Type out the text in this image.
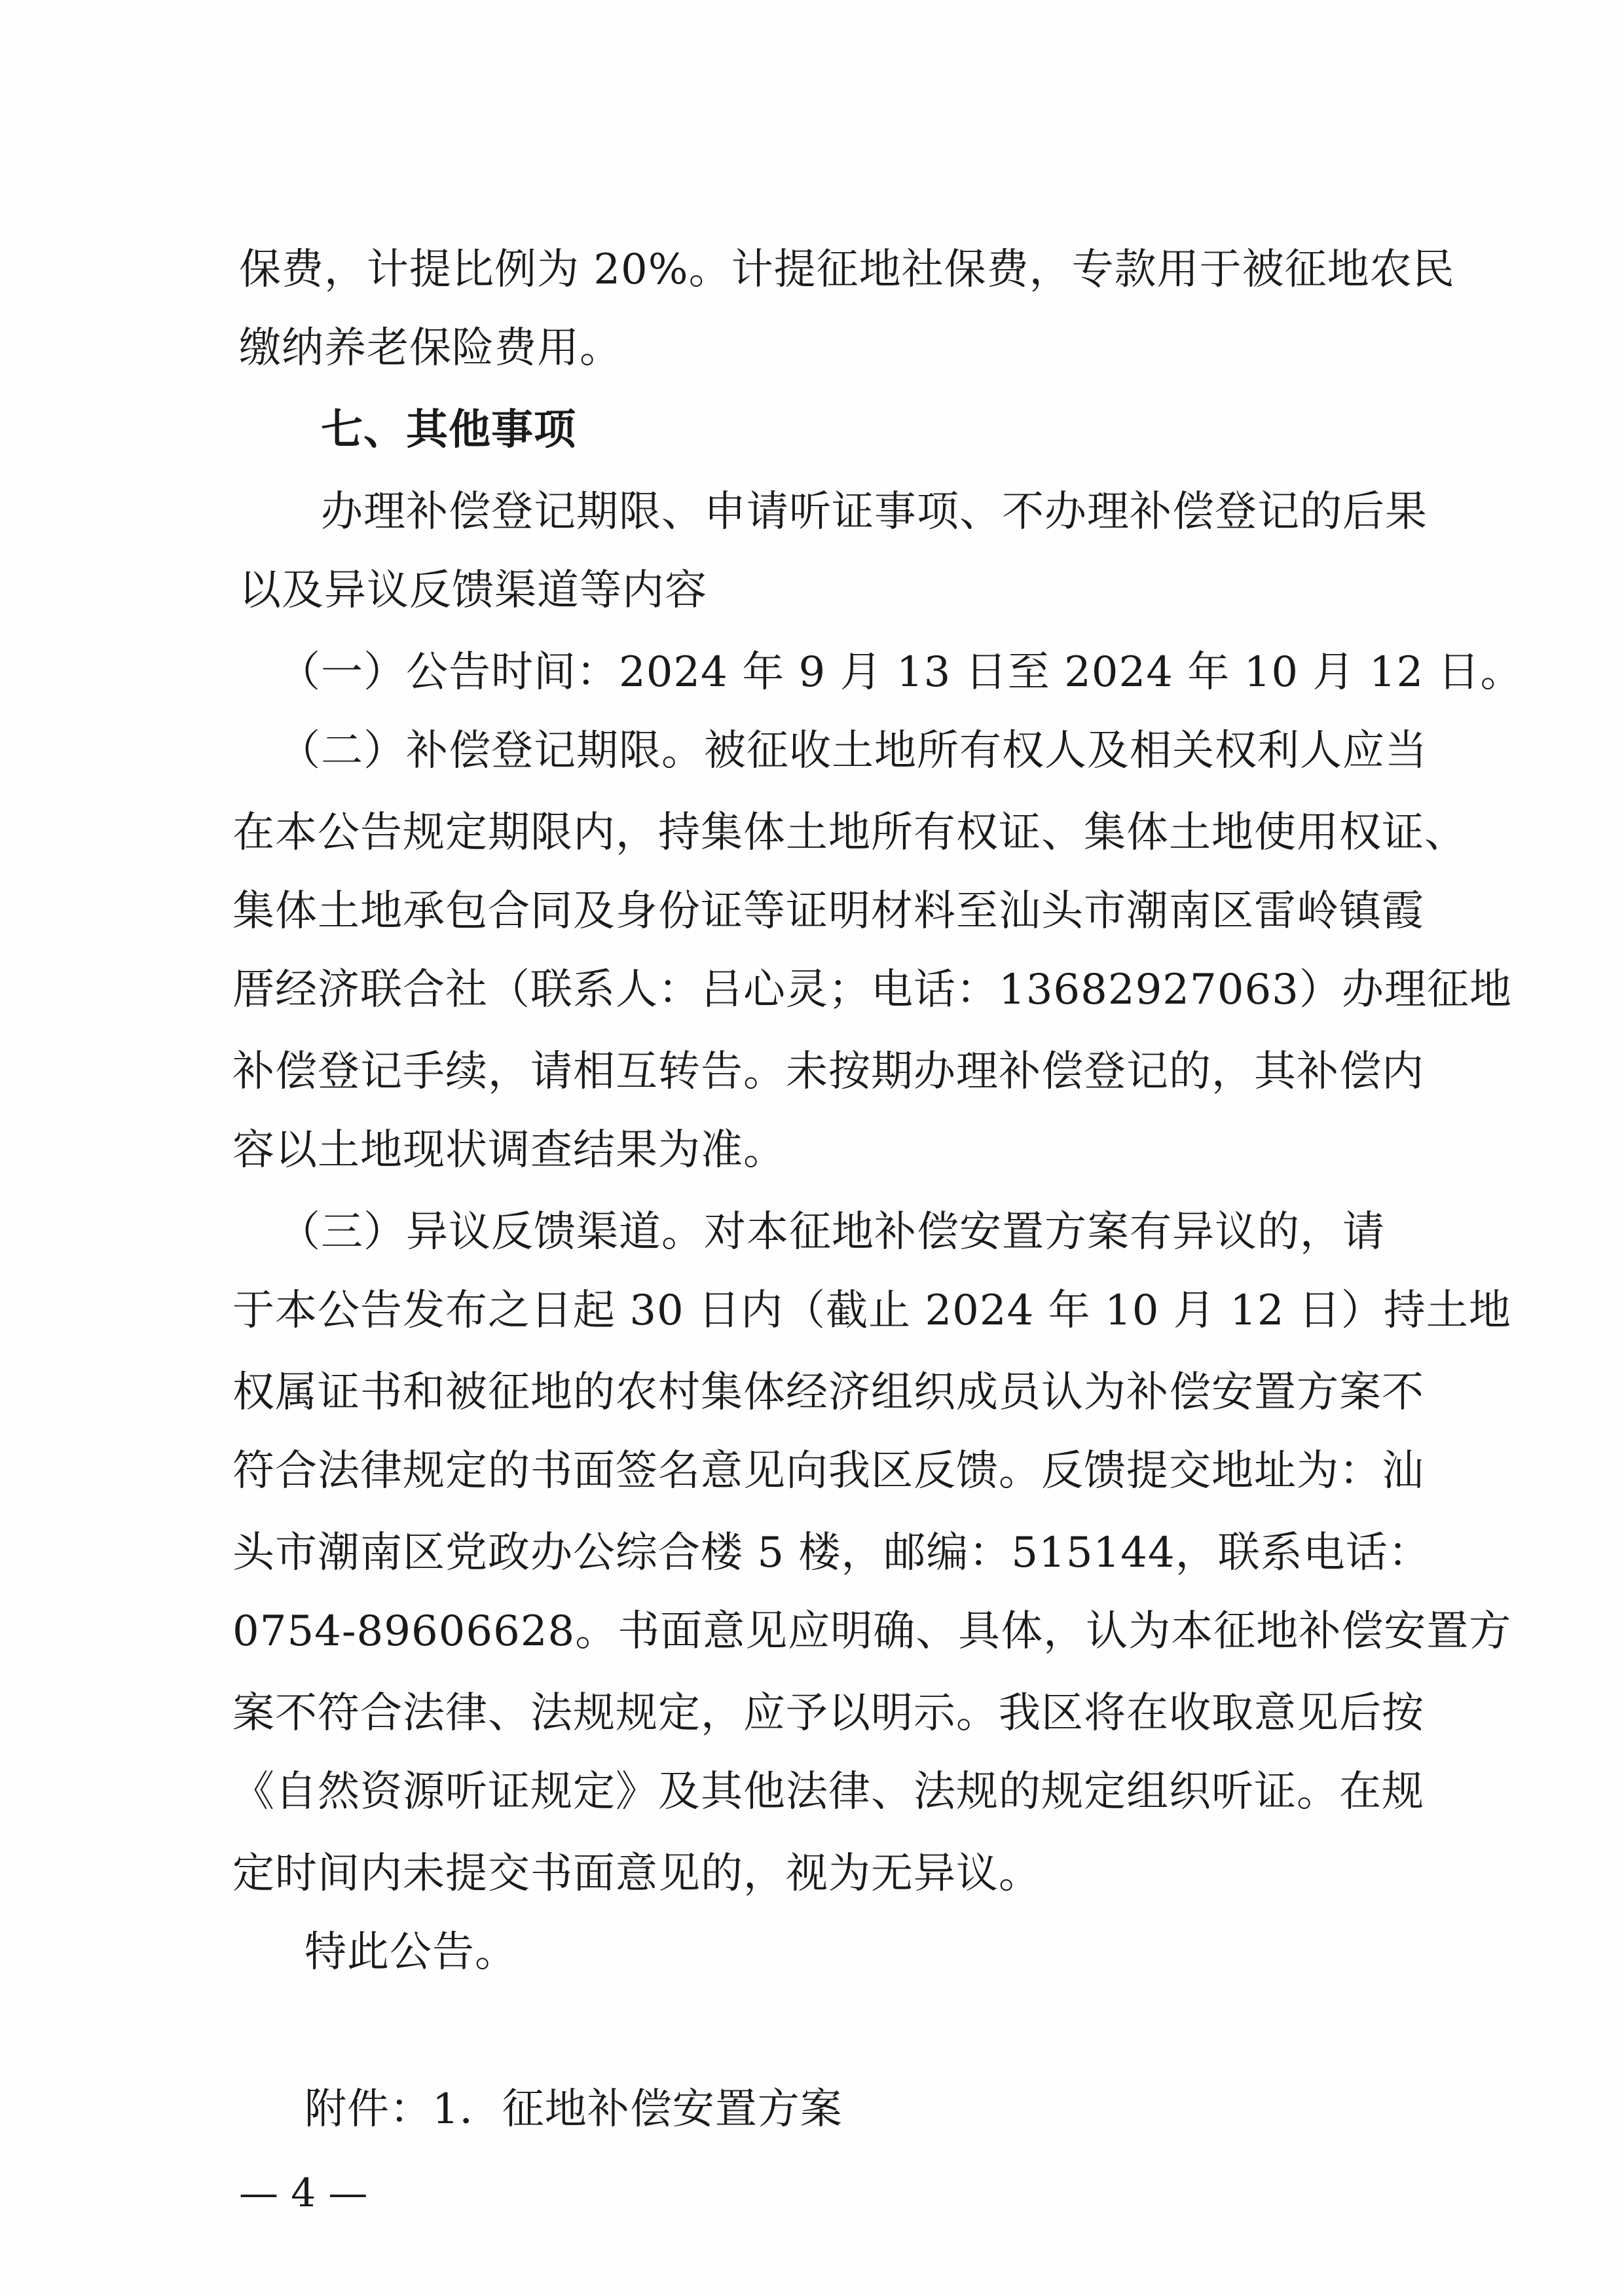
保费，计提比例为 20%。计提征地社保费，专款用于被征地农民
缴纳养老保险费用。
七、其他事项
办理补偿登记期限、申请听证事项、不办理补偿登记的后果
以及异议反馈渠道等内容
（一）公告时间：2024 年 9 月 13 日至 2024 年 10 月 12 日。
（二）补偿登记期限。被征收土地所有权人及相关权利人应当
在本公告规定期限内，持集体土地所有权证、集体土地使用权证、
集体土地承包合同及身份证等证明材料至汕头市潮南区雷岭镇霞
厝经济联合社（联系人：吕心灵；电话：13682927063）办理征地
补偿登记手续，请相互转告。未按期办理补偿登记的，其补偿内
容以土地现状调查结果为准。
（三）异议反馈渠道。对本征地补偿安置方案有异议的，请
于本公告发布之日起 30 日内（截止 2024 年 10 月 12 日）持土地
权属证书和被征地的农村集体经济组织成员认为补偿安置方案不
符合法律规定的书面签名意见向我区反馈。反馈提交地址为：汕
头市潮南区党政办公综合楼 5 楼，邮编：515144，联系电话：
0754-89606628。书面意见应明确、具体，认为本征地补偿安置方
案不符合法律、法规规定，应予以明示。我区将在收取意见后按
《自然资源听证规定》及其他法律、法规的规定组织听证。在规
定时间内未提交书面意见的，视为无异议。
特此公告。
附件：1．征地补偿安置方案
— 4 —
